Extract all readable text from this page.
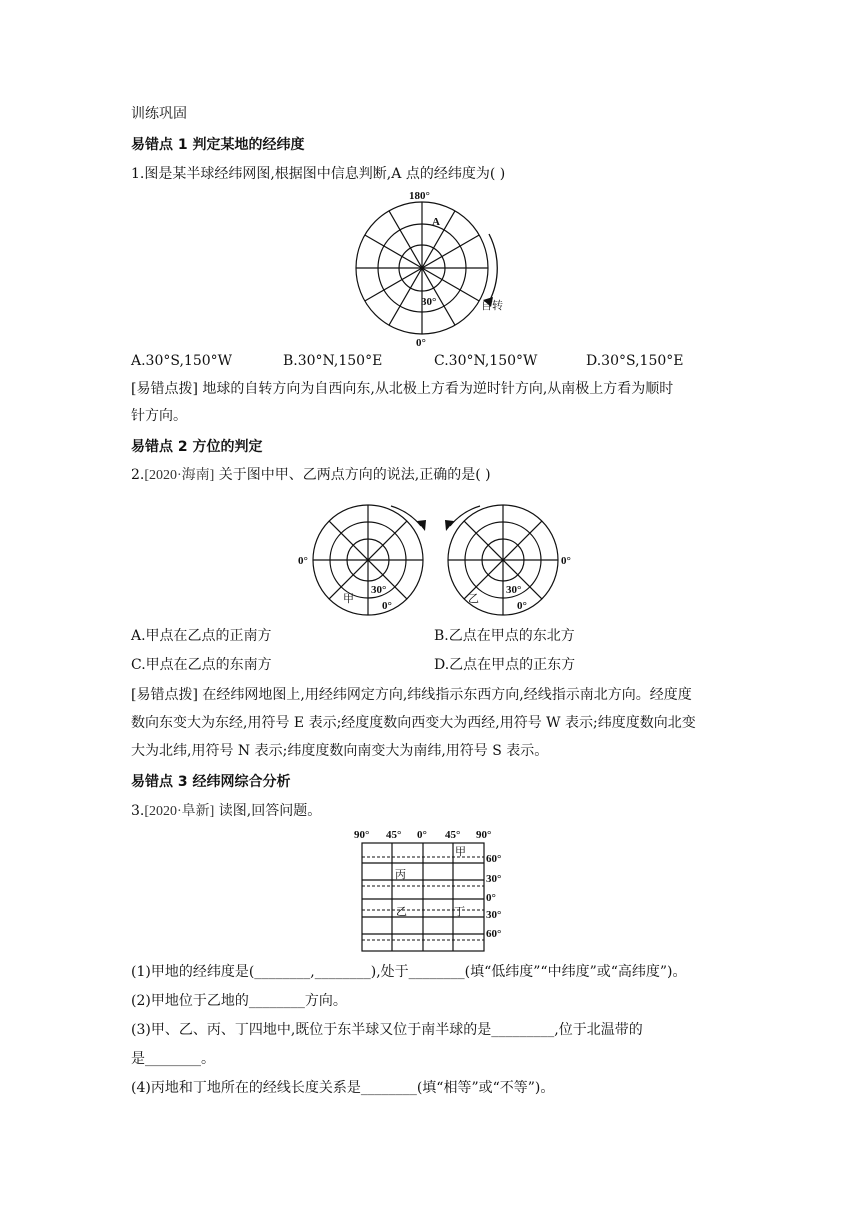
训练巩固
易错点 1 判定某地的经纬度
1.图是某半球经纬网图,根据图中信息判断,A 点的经纬度为( )
180°
A
30°
0°
自转
A.30°S,150°W	B.30°N,150°E	C.30°N,150°W	D.30°S,150°E
[易错点拨] 地球的自转方向为自西向东,从北极上方看为逆时针方向,从南极上方看为顺时
针方向。
易错点 2 方位的判定
2.[2020·海南] 关于图中甲、乙两点方向的说法,正确的是( )
0°
甲
30°
0°
0°
乙
30°
0°
A.甲点在乙点的正南方	B.乙点在甲点的东北方
C.甲点在乙点的东南方	D.乙点在甲点的正东方
[易错点拨] 在经纬网地图上,用经纬网定方向,纬线指示东西方向,经线指示南北方向。经度度
数向东变大为东经,用符号 E 表示;经度度数向西变大为西经,用符号 W 表示;纬度度数向北变
大为北纬,用符号 N 表示;纬度度数向南变大为南纬,用符号 S 表示。
易错点 3 经纬网综合分析
3.[2020·阜新] 读图,回答问题。
90° 45° 0° 45° 90°
60°
30°
0°
30°
60°
甲
丙
乙	丁
(1)甲地的经纬度是(________,________),处于________(填“低纬度”“中纬度”或“高纬度”)。
(2)甲地位于乙地的________方向。
(3)甲、乙、丙、丁四地中,既位于东半球又位于南半球的是_________,位于北温带的
是________。
(4)丙地和丁地所在的经线长度关系是________(填“相等”或“不等”)。
